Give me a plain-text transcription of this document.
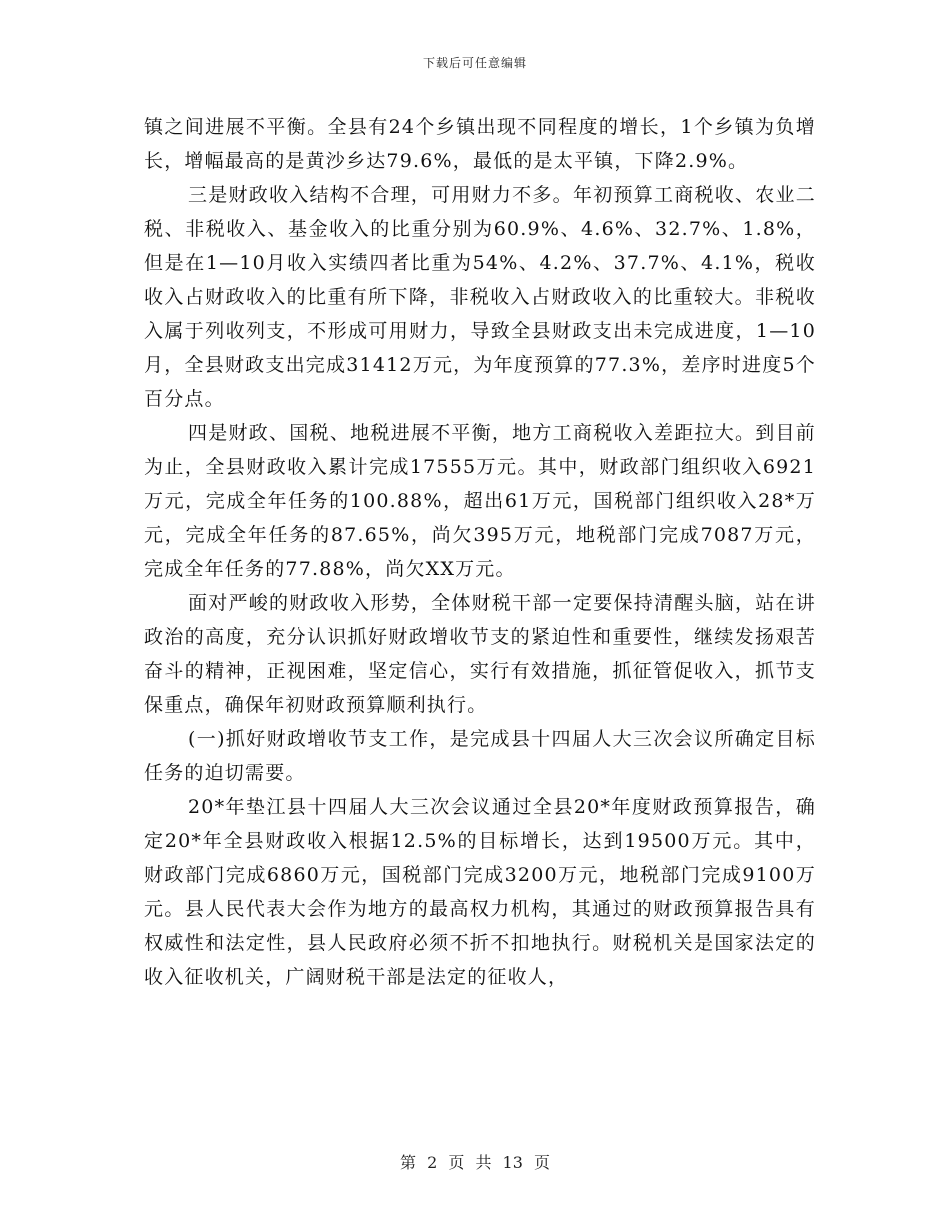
下载后可任意编辑

镇之间进展不平衡。全县有24个乡镇出现不同程度的增长，1个乡镇为负增长，增幅最高的是黄沙乡达79.6%，最低的是太平镇，下降2.9%。

三是财政收入结构不合理，可用财力不多。年初预算工商税收、农业二税、非税收入、基金收入的比重分别为60.9%、4.6%、32.7%、1.8%，但是在1—10月收入实绩四者比重为54%、4.2%、37.7%、4.1%，税收收入占财政收入的比重有所下降，非税收入占财政收入的比重较大。非税收入属于列收列支，不形成可用财力，导致全县财政支出未完成进度，1—10月，全县财政支出完成31412万元，为年度预算的77.3%，差序时进度5个百分点。

四是财政、国税、地税进展不平衡，地方工商税收入差距拉大。到目前为止，全县财政收入累计完成17555万元。其中，财政部门组织收入6921万元，完成全年任务的100.88%，超出61万元，国税部门组织收入28*万元，完成全年任务的87.65%，尚欠395万元，地税部门完成7087万元，完成全年任务的77.88%，尚欠XX万元。

面对严峻的财政收入形势，全体财税干部一定要保持清醒头脑，站在讲政治的高度，充分认识抓好财政增收节支的紧迫性和重要性，继续发扬艰苦奋斗的精神，正视困难，坚定信心，实行有效措施，抓征管促收入，抓节支保重点，确保年初财政预算顺利执行。

(一)抓好财政增收节支工作，是完成县十四届人大三次会议所确定目标任务的迫切需要。

20*年垫江县十四届人大三次会议通过全县20*年度财政预算报告，确定20*年全县财政收入根据12.5%的目标增长，达到19500万元。其中，财政部门完成6860万元，国税部门完成3200万元，地税部门完成9100万元。县人民代表大会作为地方的最高权力机构，其通过的财政预算报告具有权威性和法定性，县人民政府必须不折不扣地执行。财税机关是国家法定的收入征收机关，广阔财税干部是法定的征收人，

第 2 页 共 13 页
